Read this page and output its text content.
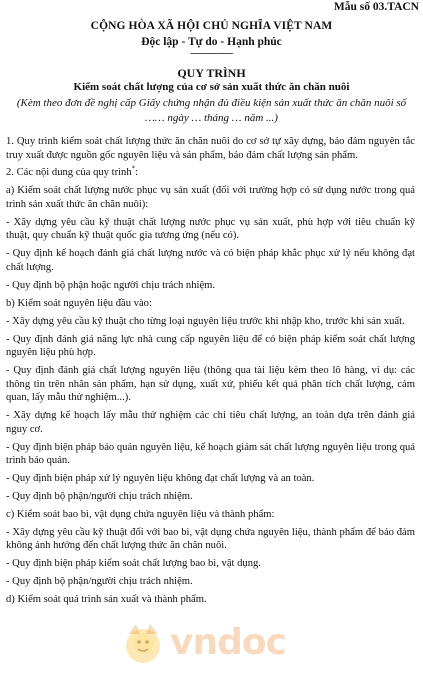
Mẫu số 03.TACN
CỘNG HÒA XÃ HỘI CHỦ NGHĨA VIỆT NAM
Độc lập - Tự do - Hạnh phúc
---------------
QUY TRÌNH
Kiểm soát chất lượng của cơ sở sản xuất thức ăn chăn nuôi
(Kèm theo đơn đề nghị cấp Giấy chứng nhận đủ điều kiện sản xuất thức ăn chăn nuôi số …… ngày … tháng … năm ...)

1. Quy trình kiểm soát chất lượng thức ăn chăn nuôi do cơ sở tự xây dựng, bảo đảm nguyên tắc truy xuất được nguồn gốc nguyên liệu và sản phẩm, bảo đảm chất lượng sản phẩm.

2. Các nội dung của quy trình*:

a) Kiểm soát chất lượng nước phục vụ sản xuất (đối với trường hợp có sử dụng nước trong quá trình sản xuất thức ăn chăn nuôi):

- Xây dựng yêu cầu kỹ thuật chất lượng nước phục vụ sản xuất, phù hợp với tiêu chuẩn kỹ thuật, quy chuẩn kỹ thuật quốc gia tương ứng (nếu có).

- Quy định kế hoạch đánh giá chất lượng nước và có biện pháp khắc phục xử lý nếu không đạt chất lượng.

- Quy định bộ phận hoặc người chịu trách nhiệm.

b) Kiểm soát nguyên liệu đầu vào:

- Xây dựng yêu cầu kỹ thuật cho từng loại nguyên liệu trước khi nhập kho, trước khi sản xuất.

- Quy định đánh giá năng lực nhà cung cấp nguyên liệu để có biện pháp kiểm soát chất lượng nguyên liệu phù hợp.

- Quy định đánh giá chất lượng nguyên liệu (thông qua tài liệu kèm theo lô hàng, ví dụ: các thông tin trên nhãn sản phẩm, hạn sử dụng, xuất xứ, phiếu kết quả phân tích chất lượng, cảm quan, lấy mẫu thử nghiệm...).

- Xây dựng kế hoạch lấy mẫu thử nghiệm các chỉ tiêu chất lượng, an toàn dựa trên đánh giá nguy cơ.

- Quy định biện pháp bảo quản nguyên liệu, kế hoạch giám sát chất lượng nguyên liệu trong quá trình bảo quản.

- Quy định biện pháp xử lý nguyên liệu không đạt chất lượng và an toàn.

- Quy định bộ phận/người chịu trách nhiệm.

c) Kiểm soát bao bì, vật dụng chứa nguyên liệu và thành phẩm:

- Xây dựng yêu cầu kỹ thuật đối với bao bì, vật dụng chứa nguyên liệu, thành phẩm để bảo đảm không ảnh hưởng đến chất lượng thức ăn chăn nuôi.

- Quy định biện pháp kiểm soát chất lượng bao bì, vật dụng.

- Quy định bộ phận/người chịu trách nhiệm.

d) Kiểm soát quá trình sản xuất và thành phẩm.

vndoc
